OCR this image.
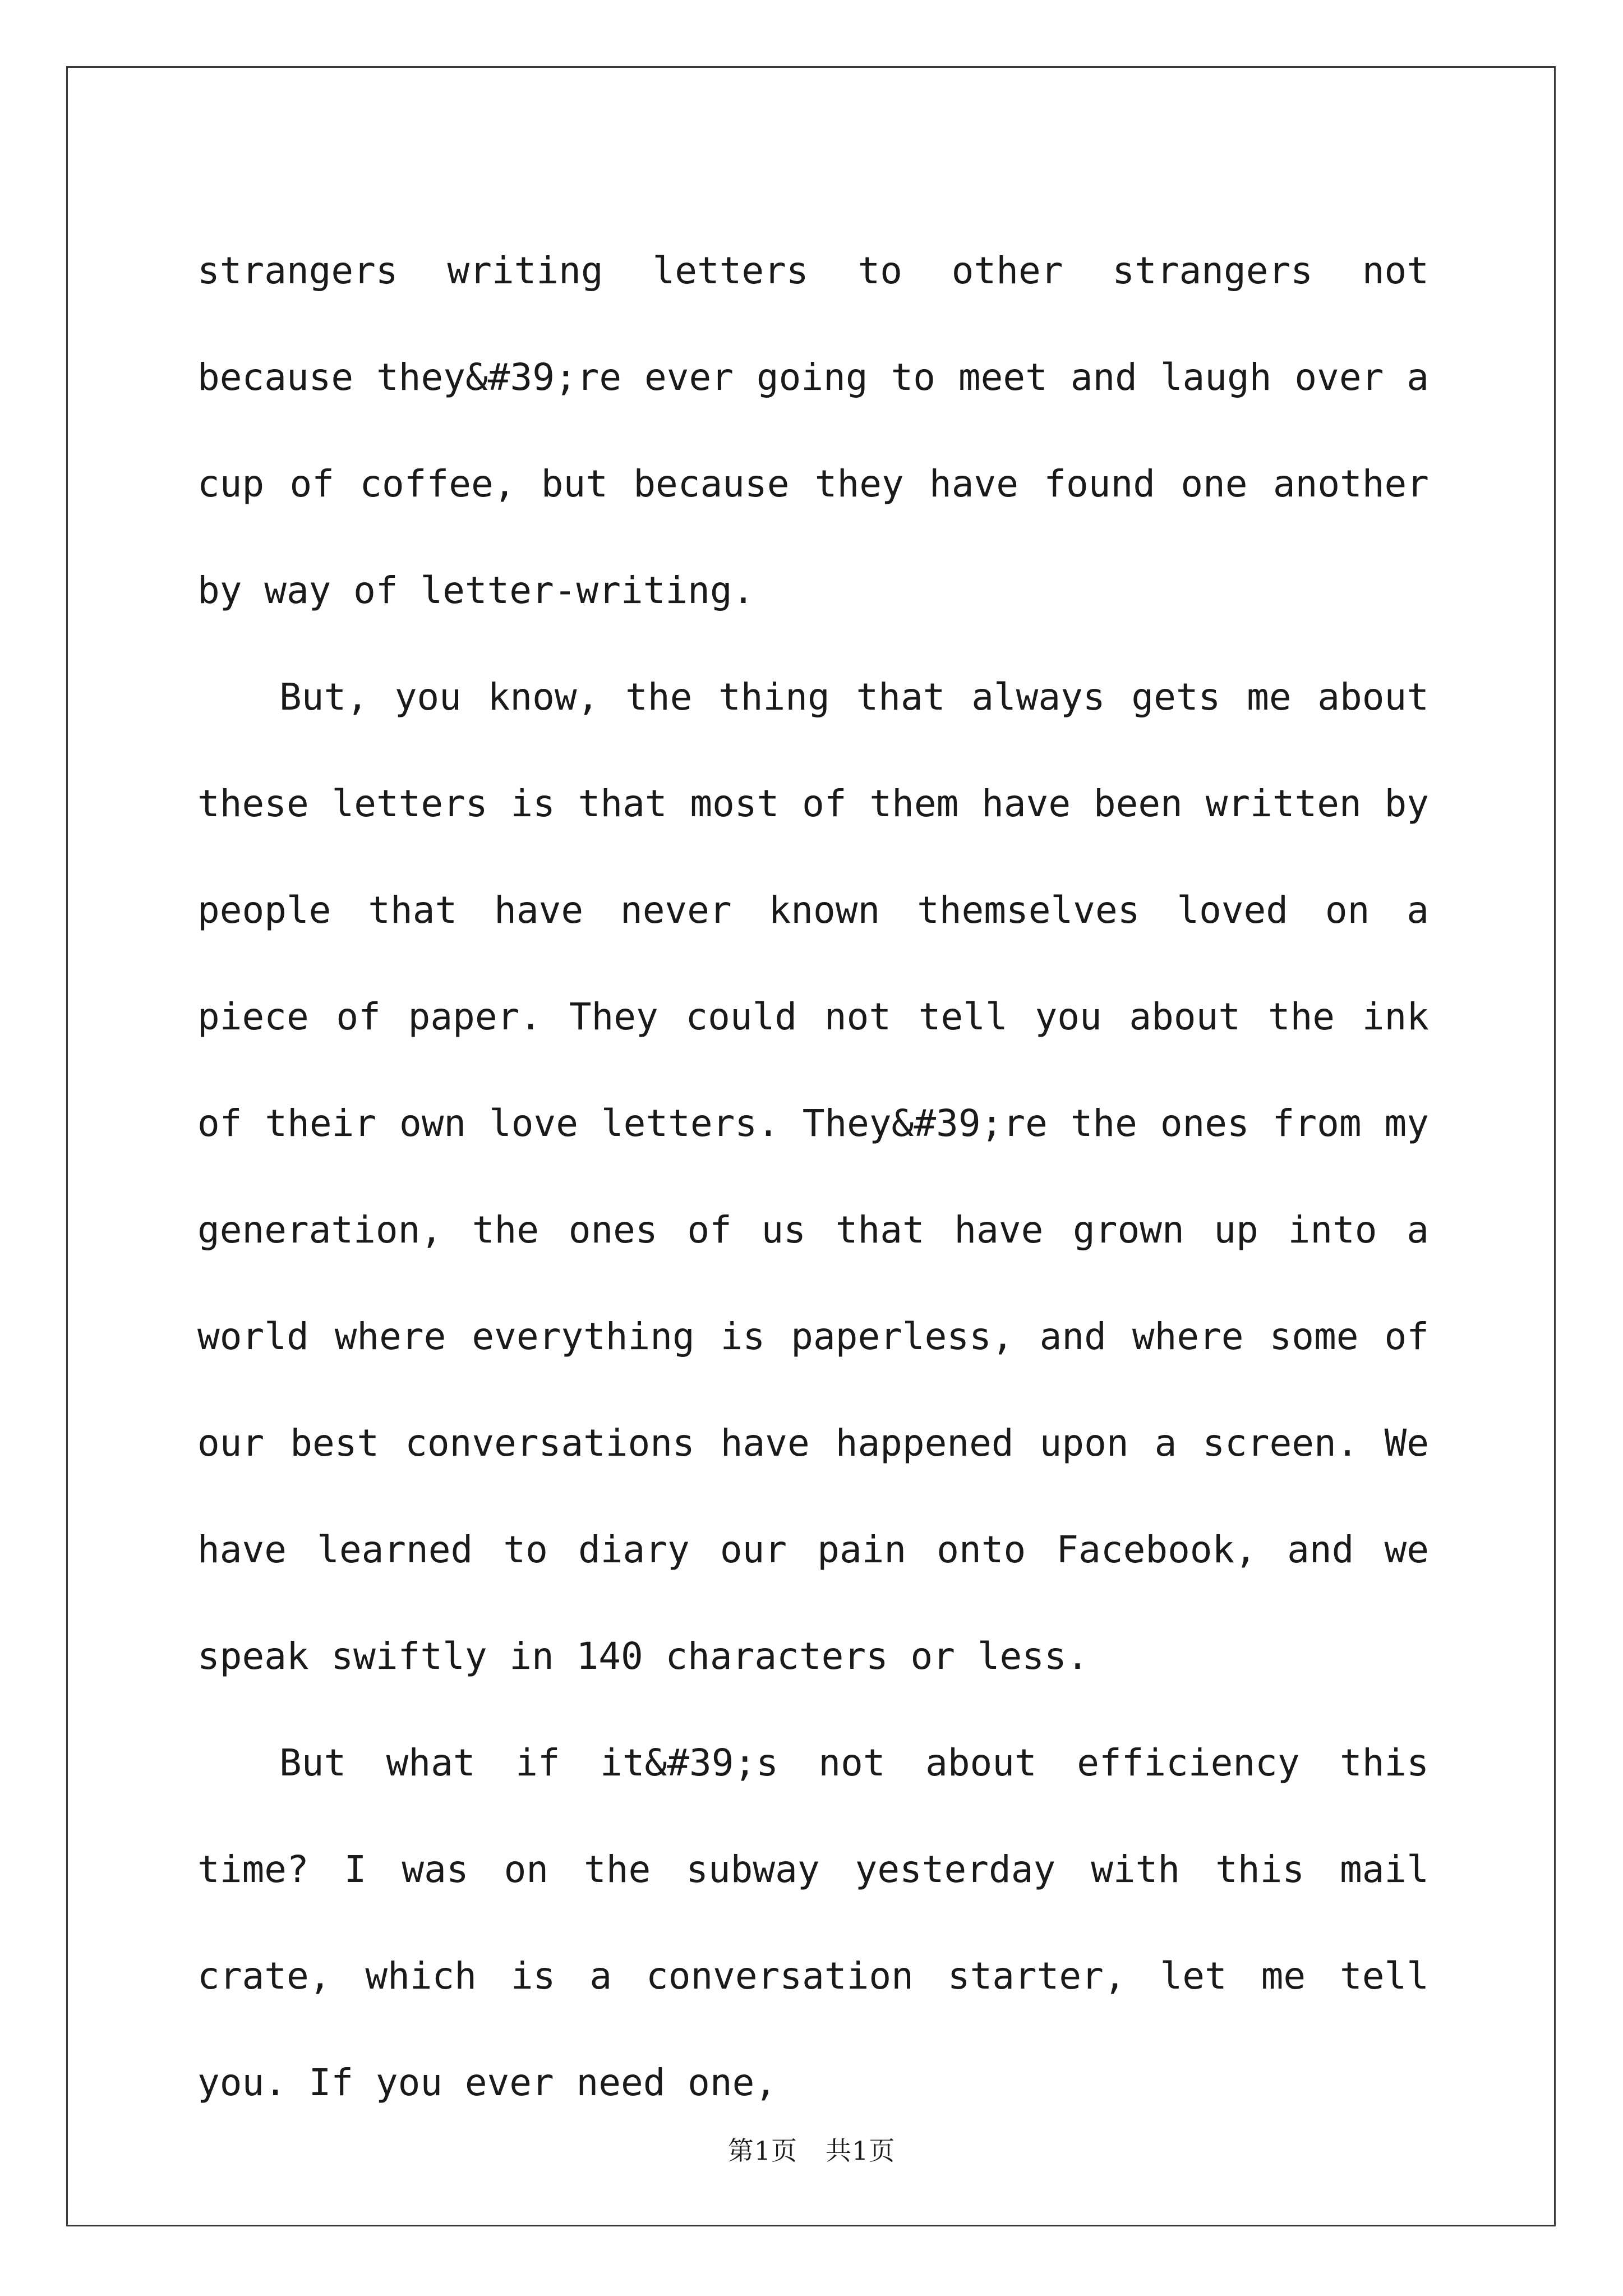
strangers writing letters to other strangers not because they&#39;re ever going to meet and laugh over a cup of coffee, but because they have found one another by way of letter-writing.

But, you know, the thing that always gets me about these letters is that most of them have been written by people that have never known themselves loved on a piece of paper. They could not tell you about the ink of their own love letters. They&#39;re the ones from my generation, the ones of us that have grown up into a world where everything is paperless, and where some of our best conversations have happened upon a screen. We have learned to diary our pain onto Facebook, and we speak swiftly in 140 characters or less.

But what if it&#39;s not about efficiency this time? I was on the subway yesterday with this mail crate, which is a conversation starter, let me tell you. If you ever need one,

第1页 共1页
